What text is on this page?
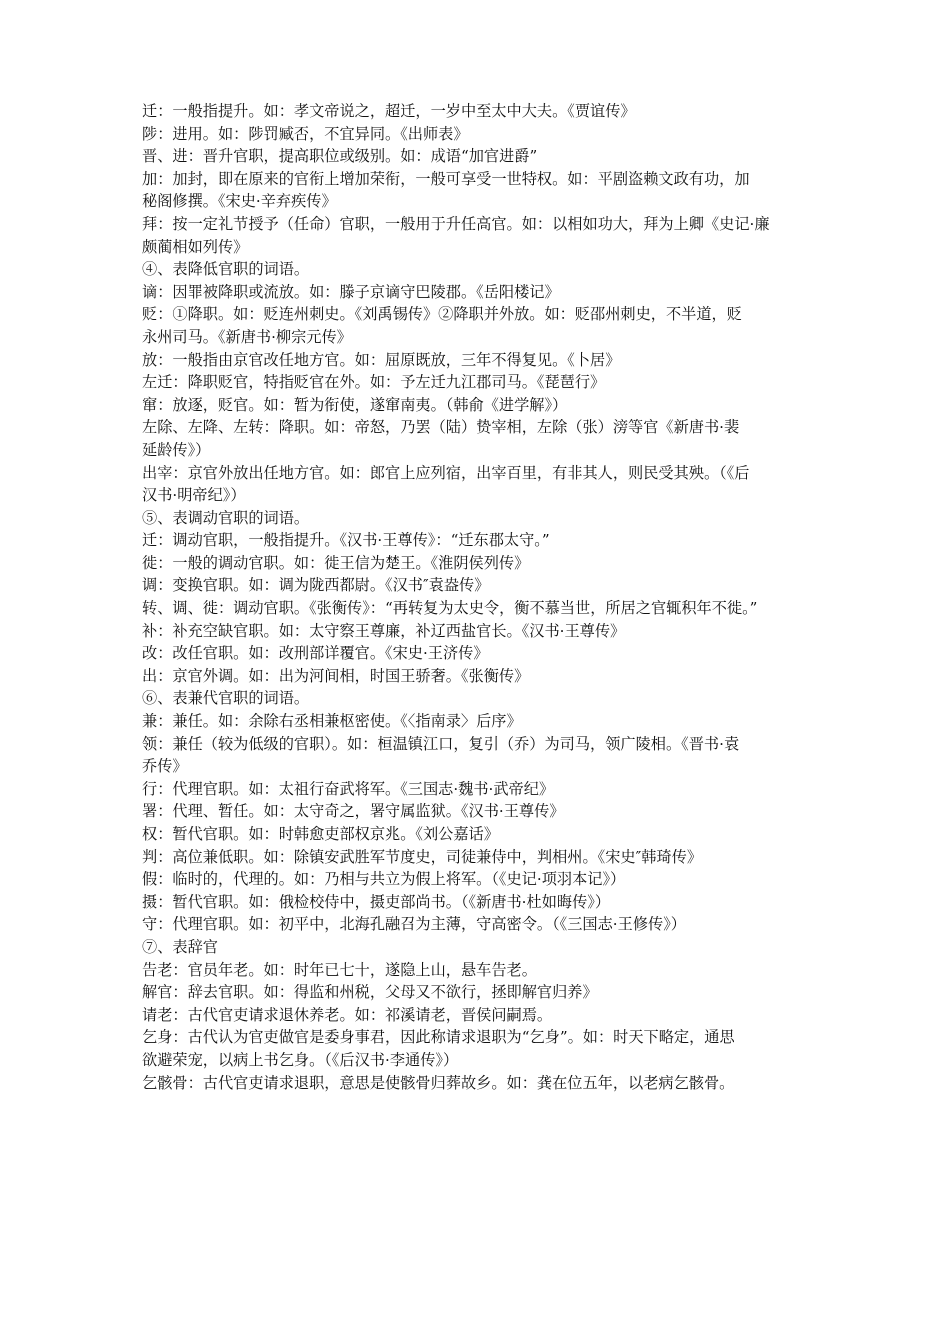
迁：一般指提升。如：孝文帝说之，超迁，一岁中至太中大夫。《贾谊传》

陟：进用。如：陟罚臧否，不宜异同。《出师表》

晋、进：晋升官职，提高职位或级别。如：成语“加官进爵”

加：加封，即在原来的官衔上增加荣衔，一般可享受一世特权。如：平剧盗赖文政有功，加

秘阁修撰。《宋史·辛弃疾传》

拜：按一定礼节授予（任命）官职，一般用于升任高官。如：以相如功大，拜为上卿《史记·廉

颇蔺相如列传》

④、表降低官职的词语。

谪：因罪被降职或流放。如：滕子京谪守巴陵郡。《岳阳楼记》

贬：①降职。如：贬连州刺史。《刘禹锡传》②降职并外放。如：贬邵州刺史，不半道，贬

永州司马。《新唐书·柳宗元传》

放：一般指由京官改任地方官。如：屈原既放，三年不得复见。《卜居》

左迁：降职贬官，特指贬官在外。如：予左迁九江郡司马。《琵琶行》

窜：放逐，贬官。如：暂为衔使，遂窜南夷。（韩俞《进学解》）

左除、左降、左转：降职。如：帝怒，乃罢（陆）贽宰相，左除（张）滂等官《新唐书·裴

延龄传》）

出宰：京官外放出任地方官。如：郎官上应列宿，出宰百里，有非其人，则民受其殃。（《后

汉书·明帝纪》）

⑤、表调动官职的词语。

迁：调动官职，一般指提升。《汉书·王尊传》：“迁东郡太守。”

徙：一般的调动官职。如：徙王信为楚王。《淮阴侯列传》

调：变换官职。如：调为陇西都尉。《汉书″袁盎传》

转、调、徙：调动官职。《张衡传》：“再转复为太史令，衡不慕当世，所居之官辄积年不徙。”

补：补充空缺官职。如：太守察王尊廉，补辽西盐官长。《汉书·王尊传》

改：改任官职。如：改刑部详覆官。《宋史·王济传》

出：京官外调。如：出为河间相，时国王骄奢。《张衡传》

⑥、表兼代官职的词语。

兼：兼任。如：余除右丞相兼枢密使。《〈指南录〉后序》

领：兼任（较为低级的官职）。如：桓温镇江口，复引（乔）为司马，领广陵相。《晋书·袁

乔传》

行：代理官职。如：太祖行奋武将军。《三国志·魏书·武帝纪》

署：代理、暂任。如：太守奇之，署守属监狱。《汉书·王尊传》

权：暂代官职。如：时韩愈吏部权京兆。《刘公嘉话》

判：高位兼低职。如：除镇安武胜军节度史，司徒兼侍中，判相州。《宋史″韩琦传》

假：临时的，代理的。如：乃相与共立为假上将军。（《史记·项羽本记》）

摄：暂代官职。如：俄检校侍中，摄吏部尚书。（《新唐书·杜如晦传》）

守：代理官职。如：初平中，北海孔融召为主薄，守高密令。（《三国志·王修传》）

⑦、表辞官

告老：官员年老。如：时年已七十，遂隐上山，悬车告老。

解官：辞去官职。如：得监和州税，父母又不欲行，拯即解官归养》

请老：古代官吏请求退休养老。如：祁溪请老，晋侯问嗣焉。

乞身：古代认为官吏做官是委身事君，因此称请求退职为“乞身”。如：时天下略定，通思

欲避荣宠，以病上书乞身。（《后汉书·李通传》）

乞骸骨：古代官吏请求退职，意思是使骸骨归葬故乡。如：龚在位五年，以老病乞骸骨。
